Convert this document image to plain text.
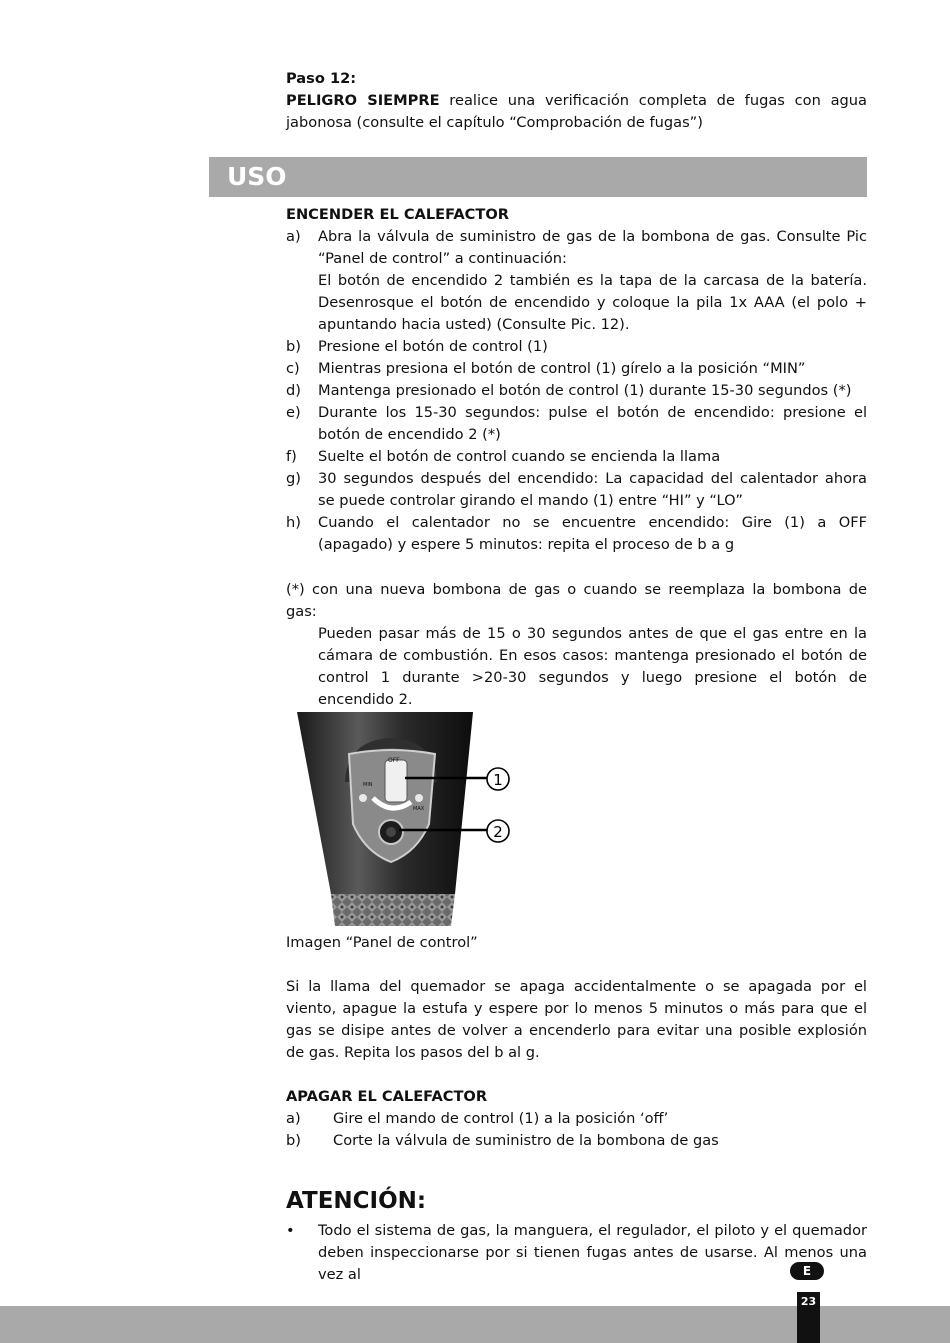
Paso 12:
PELIGRO SIEMPRE realice una verificación completa de fugas con agua jabonosa (consulte el capítulo “Comprobación de fugas”)
USO
ENCENDER EL CALEFACTOR
a)	Abra la válvula de suministro de gas de la bombona de gas. Consulte Pic “Panel de control” a continuación:
El botón de encendido 2 también es la tapa de la carcasa de la batería. Desenrosque el botón de encendido y coloque la pila 1x AAA (el polo + apuntando hacia usted) (Consulte Pic. 12).
b)	Presione el botón de control (1)
c)	Mientras presiona el botón de control (1) gírelo a la posición “MIN”
d)	Mantenga presionado el botón de control (1) durante 15-30 segundos (*)
e)	Durante los 15-30 segundos: pulse el botón de encendido: presione el botón de encendido 2 (*)
f)	Suelte el botón de control cuando se encienda la llama
g)	30 segundos después del encendido: La capacidad del calentador ahora se puede controlar girando el mando (1) entre “HI” y “LO”
h)	Cuando el calentador no se encuentre encendido: Gire (1) a OFF (apagado) y espere 5 minutos: repita el proceso de b a g
(*) con una nueva bombona de gas o cuando se reemplaza la bombona de gas:
Pueden pasar más de 15 o 30 segundos antes de que el gas entre en la cámara de combustión. En esos casos: mantenga presionado el botón de control 1 durante >20-30 segundos y luego presione el botón de encendido 2.
OFF
MIN
MAX
1
2
Imagen “Panel de control”
Si la llama del quemador se apaga accidentalmente o se apagada por el viento, apague la estufa y espere por lo menos 5 minutos o más para que el gas se disipe antes de volver a encenderlo para evitar una posible explosión de gas. Repita los pasos del b al g.
APAGAR EL CALEFACTOR
a)	Gire el mando de control (1) a la posición ‘off’
b)	Corte la válvula de suministro de la bombona de gas
ATENCIÓN:
•	Todo el sistema de gas, la manguera, el regulador, el piloto y el quemador deben inspeccionarse por si tienen fugas antes de usarse. Al menos una vez al	E
23
